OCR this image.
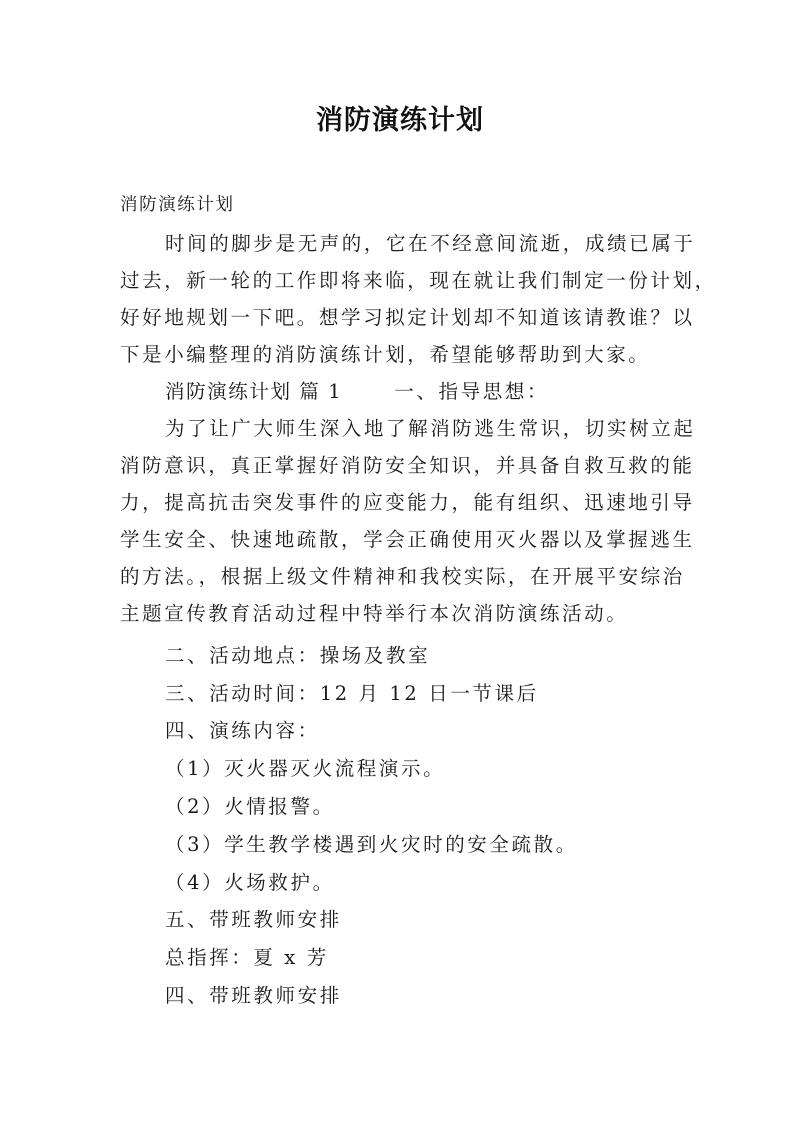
消防演练计划

消防演练计划

时间的脚步是无声的，它在不经意间流逝，成绩已属于

过去，新一轮的工作即将来临，现在就让我们制定一份计划，

好好地规划一下吧。想学习拟定计划却不知道该请教谁？以

下是小编整理的消防演练计划，希望能够帮助到大家。

消防演练计划 篇 1	一、指导思想：

为了让广大师生深入地了解消防逃生常识，切实树立起

消防意识，真正掌握好消防安全知识，并具备自救互救的能

力，提高抗击突发事件的应变能力，能有组织、迅速地引导

学生安全、快速地疏散，学会正确使用灭火器以及掌握逃生

的方法。，根据上级文件精神和我校实际，在开展平安综治

主题宣传教育活动过程中特举行本次消防演练活动。

二、活动地点：操场及教室

三、活动时间：12 月 12 日一节课后

四、演练内容：

（1）灭火器灭火流程演示。

（2）火情报警。

（3）学生教学楼遇到火灾时的安全疏散。

（4）火场救护。

五、带班教师安排

总指挥：夏 x 芳

四、带班教师安排
